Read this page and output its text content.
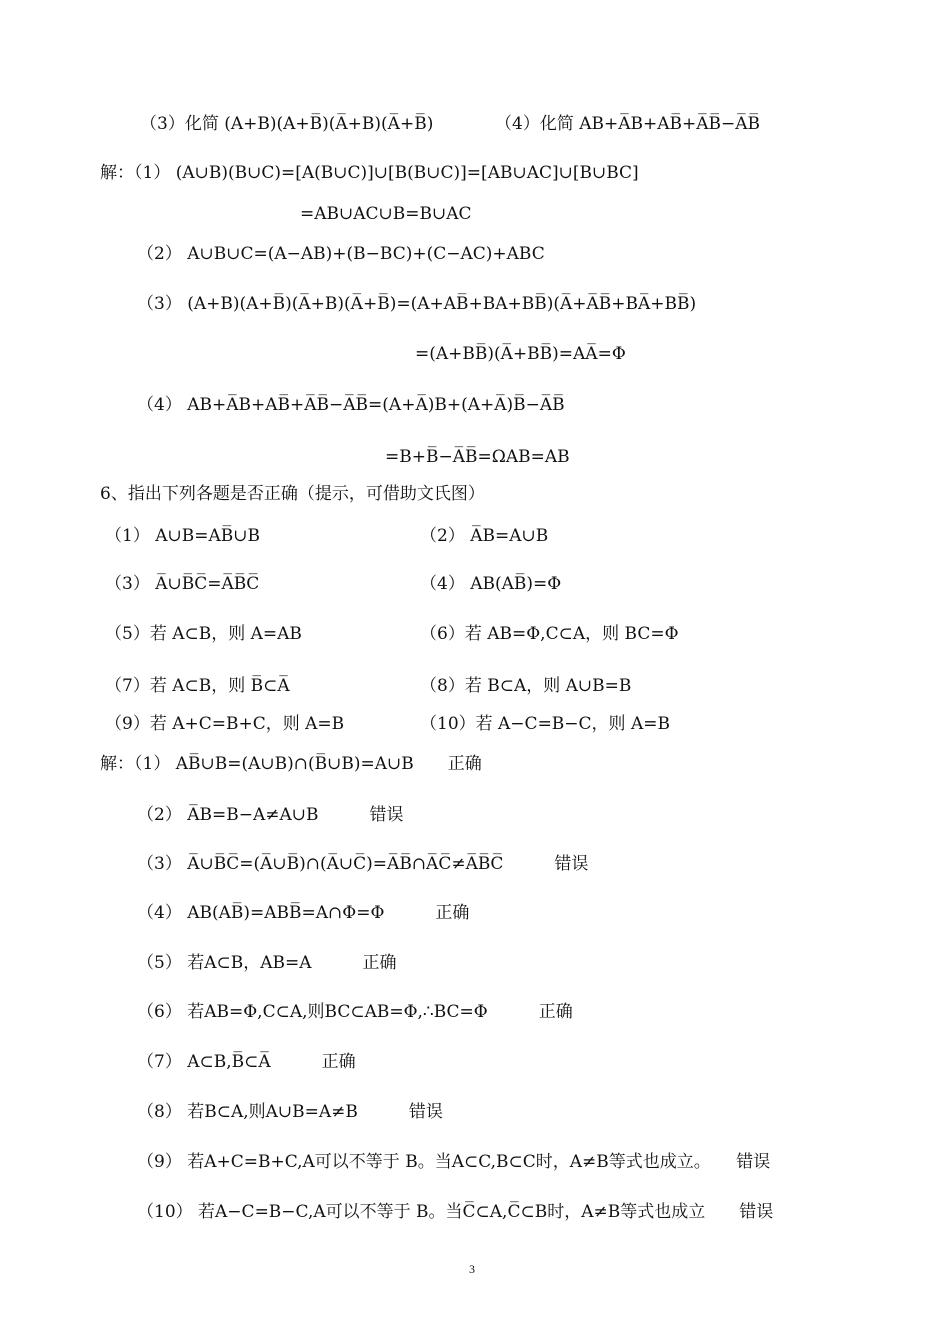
（3）化简 (A+B)(A+B̅)(A̅+B)(A̅+B̅)	（4）化简 AB+A̅B+AB̅+A̅B̅−A̅B̅
解：（1） (A∪B)(B∪C)=[A(B∪C)]∪[B(B∪C)]=[AB∪AC]∪[B∪BC]
=AB∪AC∪B=B∪AC
（2） A∪B∪C=(A−AB)+(B−BC)+(C−AC)+ABC
（3） (A+B)(A+B̅)(A̅+B)(A̅+B̅)=(A+AB̅+BA+BB̅)(A̅+A̅B̅+BA̅+BB̅)
=(A+BB̅)(A̅+BB̅)=AA̅=Φ
（4） AB+A̅B+AB̅+A̅B̅−A̅B̅=(A+A̅)B+(A+A̅)B̅−A̅B̅
=B+B̅−A̅B̅=ΩAB=AB
6、指出下列各题是否正确（提示，可借助文氏图）
（1） A∪B=AB̅∪B	（2） A̅B=A∪B
（3） A̅∪B̅C̅=A̅B̅C̅	（4） AB(AB̅)=Φ
（5）若 A⊂B，则 A=AB	（6）若 AB=Φ,C⊂A，则 BC=Φ
（7）若 A⊂B，则 B̅⊂A̅	（8）若 B⊂A，则 A∪B=B
（9）若 A+C=B+C，则 A=B	（10）若 A−C=B−C，则 A=B
解：（1） AB̅∪B=(A∪B)∩(B̅∪B)=A∪B　　正确
（2） A̅B=B−A≠A∪B　　　错误
（3） A̅∪B̅C̅=(A̅∪B̅)∩(A̅∪C̅)=A̅B̅∩A̅C̅≠A̅B̅C̅　　　错误
（4） AB(AB̅)=ABB̅=A∩Φ=Φ　　　正确
（5） 若A⊂B，AB=A　　　正确
（6） 若AB=Φ,C⊂A,则BC⊂AB=Φ,∴BC=Φ　　　正确
（7） A⊂B,B̅⊂A̅　　　正确
（8） 若B⊂A,则A∪B=A≠B　　　错误
（9） 若A+C=B+C,A可以不等于 B。当A⊂C,B⊂C时，A≠B等式也成立。　　错误
（10） 若A−C=B−C,A可以不等于 B。当C̅⊂A,C̅⊂B时，A≠B等式也成立　　错误
3
